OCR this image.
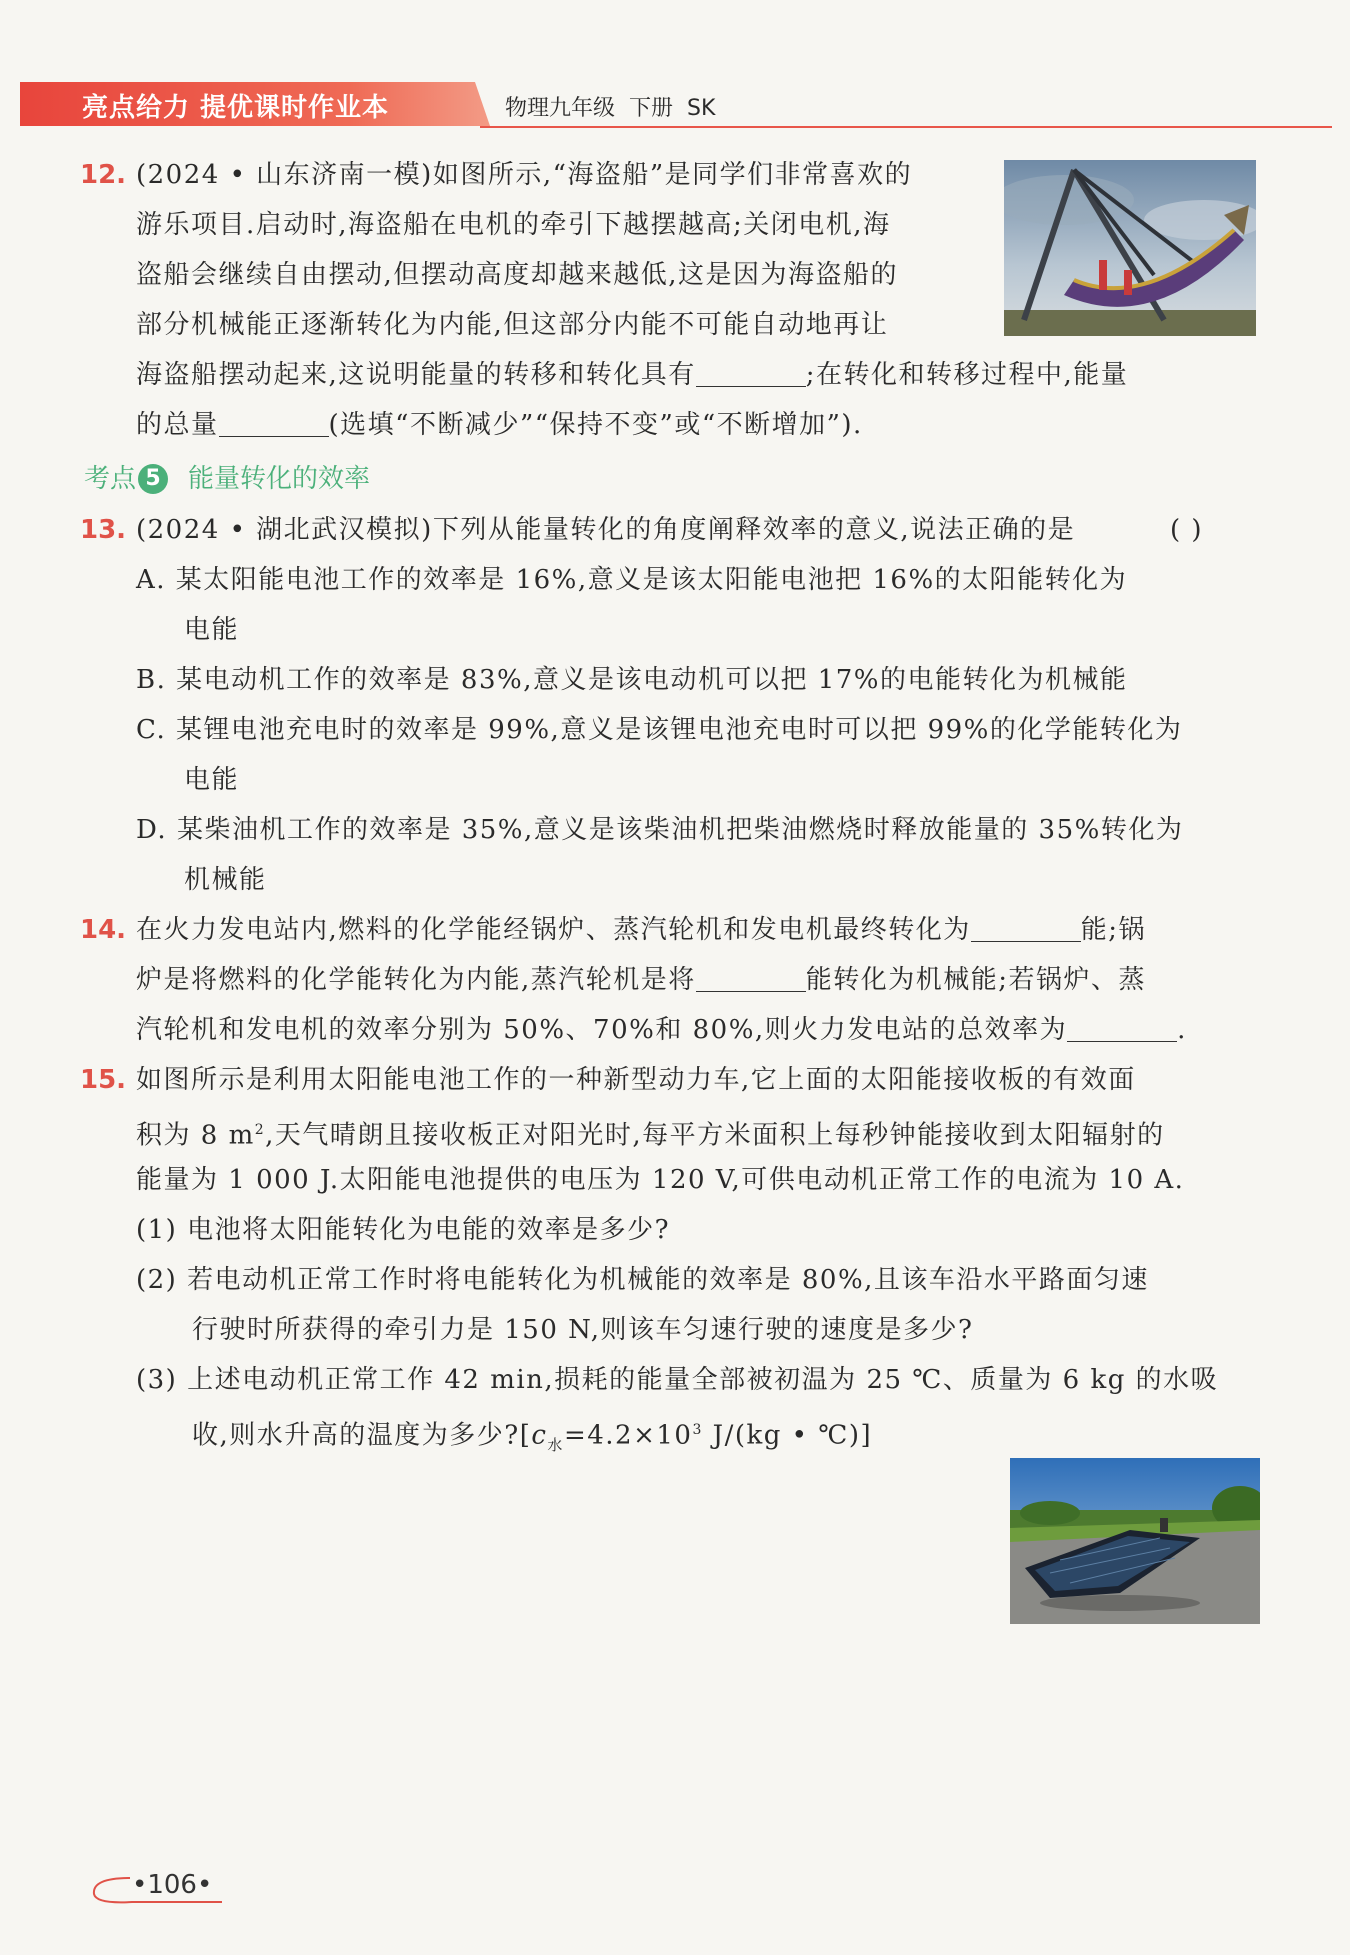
亮点给力 提优课时作业本	物理九年级  下册  SK
12. (2024 • 山东济南一模)如图所示,“海盗船”是同学们非常喜欢的
游乐项目.启动时,海盗船在电机的牵引下越摆越高;关闭电机,海
盗船会继续自由摆动,但摆动高度却越来越低,这是因为海盗船的
部分机械能正逐渐转化为内能,但这部分内能不可能自动地再让
海盗船摆动起来,这说明能量的转移和转化具有	;在转化和转移过程中,能量
的总量	(选填“不断减少”“保持不变”或“不断增加”).
考点 5 能量转化的效率
13. (2024 • 湖北武汉模拟)下列从能量转化的角度阐释效率的意义,说法正确的是	( )
A. 某太阳能电池工作的效率是 16%,意义是该太阳能电池把 16%的太阳能转化为
电能
B. 某电动机工作的效率是 83%,意义是该电动机可以把 17%的电能转化为机械能
C. 某锂电池充电时的效率是 99%,意义是该锂电池充电时可以把 99%的化学能转化为
电能
D. 某柴油机工作的效率是 35%,意义是该柴油机把柴油燃烧时释放能量的 35%转化为
机械能
14. 在火力发电站内,燃料的化学能经锅炉、蒸汽轮机和发电机最终转化为	能;锅
炉是将燃料的化学能转化为内能,蒸汽轮机是将	能转化为机械能;若锅炉、蒸
汽轮机和发电机的效率分别为 50%、70%和 80%,则火力发电站的总效率为	.
15. 如图所示是利用太阳能电池工作的一种新型动力车,它上面的太阳能接收板的有效面
积为 8 $m^2$,天气晴朗且接收板正对阳光时,每平方米面积上每秒钟能接收到太阳辐射的
能量为 1 000 J.太阳能电池提供的电压为 120 V,可供电动机正常工作的电流为 10 A.
(1) 电池将太阳能转化为电能的效率是多少?
(2) 若电动机正常工作时将电能转化为机械能的效率是 80%,且该车沿水平路面匀速
行驶时所获得的牵引力是 150 N,则该车匀速行驶的速度是多少?
(3) 上述电动机正常工作 42 min,损耗的能量全部被初温为 25 ℃、质量为 6 kg 的水吸
收,则水升高的温度为多少$?[c_水=4.2\times 10^3$ J/(kg • ℃)]
•106•
